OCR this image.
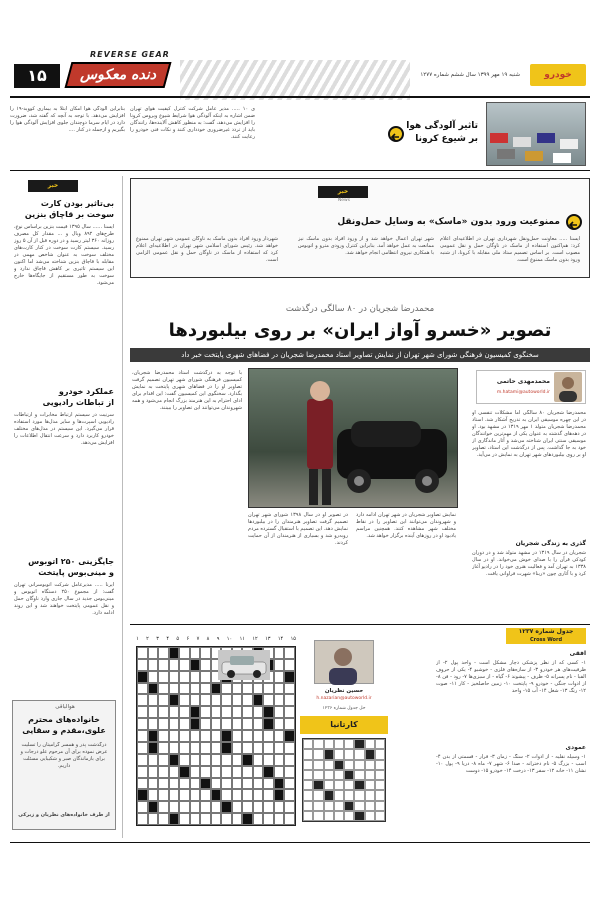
REVERSE GEAR
دنده معکوس
۱۵	خودرو
شنبه ۱۹ مهر ۱۳۹۹ سال ششم شماره ۱۲۷۷
تاثیر آلودگی هوا
بر شیوع کرونا
ی ۱۰ ..... مدیر عامل شرکت کنترل کیفیت هوای تهران ضمن اشاره به اینکه آلودگی هوا شرایط شیوع ویروس کرونا را افزایش می‌دهد، گفت: به منظور کاهش آلاینده‌ها، رانندگان باید از تردد غیرضروری خودداری کنند و نکات فنی خودرو را رعایت کنند.
بنابراین آلودگی هوا امکان ابتلا به بیماری کووید-۱۹ را افزایش می‌دهد. با توجه به آنچه که گفته شد، ضرورت دارد در ایام سرما دوچندان جلوی افزایش آلودگی هوا را بگیریم و ازجمله در کنار ....
خبر
بی‌تاثیر بودن کارت
سوخت بر قاچاق بنزین
ایسنا ...... سال ۱۳۹۵ قیمت بنزین براساس نوع، طرح‌های ۸۹۲ ویال و ... مقدار کل مصرف روزانه ۳۶۰ لیتر رسید و در دوره قبل از آن ۵ روز رسید. سیستم کارت سوخت در کنار کارت‌های مختلف سوخت به عنوان شاخص مهمی در مقابله با قاچاق بنزین شناخته می‌شد اما اکنون این سیستم تاثیری بر کاهش قاچاق ندارد و سوخت به طور مستقیم از جایگاه‌ها خارج می‌شود.
عملکرد خودرو
از تباطات رادیویی
سرنیت در سیستم ارتباط مخابرات و ارتباطات رادیویی اسپرت‌ها و سایر مدل‌ها مورد استفاده قرار می‌گیرد. این سیستم در مدل‌های مختلف خودرو کاربرد دارد و سرعت انتقال اطلاعات را افزایش می‌دهد.
جایگزینی ۲۵۰ اتوبوس
و مینی‌بوس پایتخت
ایرنا ..... مدیرعامل شرکت اتوبوسرانی تهران گفت: از مجموع ۲۵۰ دستگاه اتوبوس و مینی‌بوس جدید در سال جاری وارد ناوگان حمل و نقل عمومی پایتخت خواهند شد و این روند ادامه دارد.
هوالباقی
خانواده‌های محترم
علوی،مقدم و سقایی
درگذشت پدر و همسر گرامیتان را تسلیت عرض نموده برای آن مرحوم علو درجات و برای بازماندگان صبر و شکیبایی مسئلت داریم.
از طرف خانواده‌های نظریان و زیرکی
خبر
News
ممنوعیت ورود بدون «ماسک» به وسایل حمل‌ونقل
ایسنا ..... معاونت حمل‌ونقل شهرداری تهران در اطلاعیه‌ای اعلام کرد: هم‌اکنون استفاده از ماسک در ناوگان حمل و نقل عمومی مصوب است. بر اساس تصمیم ستاد ملی مقابله با کرونا، از شنبه ورود بدون ماسک ممنوع است.
شهر تهران اعمال خواهد شد و از ورود افراد بدون ماسک نیز ممانعت به عمل خواهد آمد. بنابراین کنترل ورودی مترو و اتوبوس با همکاری نیروی انتظامی انجام خواهد شد.
شهردار ورود افراد بدون ماسک به ناوگان عمومی شهر تهران ممنوع خواهد شد. رئیس شورای اسلامی شهر تهران در اطلاعیه‌ای اعلام کرد که استفاده از ماسک در ناوگان حمل و نقل عمومی الزامی است.
محمدرضا شجریان در ۸۰ سالگی درگذشت
تصویر «خسرو آواز ایران» بر روی بیلبوردها
سخنگوی کمیسیون فرهنگی شورای شهر تهران از نمایش تصاویر استاد محمدرضا شجریان در فضاهای شهری پایتخت خبر داد
محمدمهدی حاتمی
m.hatami@autoworld.ir
محمدرضا شجریان ۸۰ سالگی اما مشکلات تنفسی او در این چهره موسیقی ایران به تدریج آشکار شد. استاد محمدرضا شجریان متولد ۱ مهر ۱۳۱۹ در مشهد بود. او در دهه‌های گذشته به عنوان یکی از مهم‌ترین خوانندگان موسیقی سنتی ایران شناخته می‌شد و آثار ماندگاری از خود به جا گذاشت. پس از درگذشت این استاد، تصاویر او بر روی بیلبوردهای شهر تهران به نمایش در می‌آید.
گذری به زندگی شجریان
شجریان در سال ۱۳۱۹ در مشهد متولد شد و در دوران کودکی قرآن را با صدای خوش می‌خواند. او در سال ۱۳۳۸ به تهران آمد و فعالیت هنری خود را در رادیو آغاز کرد و با آثاری چون «ربنا» شهرت فراوانی یافت.
در تصویر او در سال ۱۳۹۸ شورای شهر تهران تصمیم گرفت تصاویر هنرمندان را در بیلبوردها نمایش دهد. این تصمیم با استقبال گسترده مردم روبه‌رو شد و بسیاری از هنرمندان از آن حمایت کردند.
نمایش تصاویر شجریان در شهر تهران ادامه دارد و شهروندان می‌توانند این تصاویر را در نقاط مختلف شهر مشاهده کنند. همچنین مراسم یادبود او در روزهای آینده برگزار خواهد شد.
با توجه به درگذشت استاد محمدرضا شجریان، کمیسیون فرهنگی شورای شهر تهران تصمیم گرفت تصاویر او را در فضاهای شهری پایتخت به نمایش بگذارد. سخنگوی این کمیسیون گفت: این اقدام برای ادای احترام به این هنرمند بزرگ انجام می‌شود و همه شهروندان می‌توانند این تصاویر را ببینند.
جدول شماره ۱۲۳۷
Cross Word
افقی
۱- کسی که از نظر پزشکی دچار مشکل است - واحد پول ۲- از ظرفیت‌های هر خودرو ۳- از سازه‌های فلزی - خوشبو ۴- یکی از حروف الفبا - نام پسرانه ۵- ظرف - پیشوند ۶- گیاه - از سبزی‌ها ۷- رود - فن ۸- از ادوات جنگی - خودرو ۹- پایتخت ۱۰- زمین حاصلخیز - کار ۱۱- صوت ۱۲- رنگ ۱۳- شغل ۱۴- آب ۱۵- واحد
عمودی
۱- وسیله نقلیه - از ادوات ۲- سنگ - زمان ۳- فرار - قسمتی از بدن ۴- اسب - بزرگ ۵- نام دخترانه - صدا ۶- شهر ۷- ماه ۸- دریا ۹- پول ۱۰- نشان ۱۱- خانه ۱۲- سفر ۱۳- درخت ۱۴- خودرو ۱۵- دوست
حسین نظریان
h.nazarian@autoworld.ir
حل جدول شماره ۱۲۳۶
کارتانیا
۱ ۲ ۳ ۴ ۵ ۶ ۷ ۸ ۹ ۱۰ ۱۱ ۱۲ ۱۳ ۱۴ ۱۵
